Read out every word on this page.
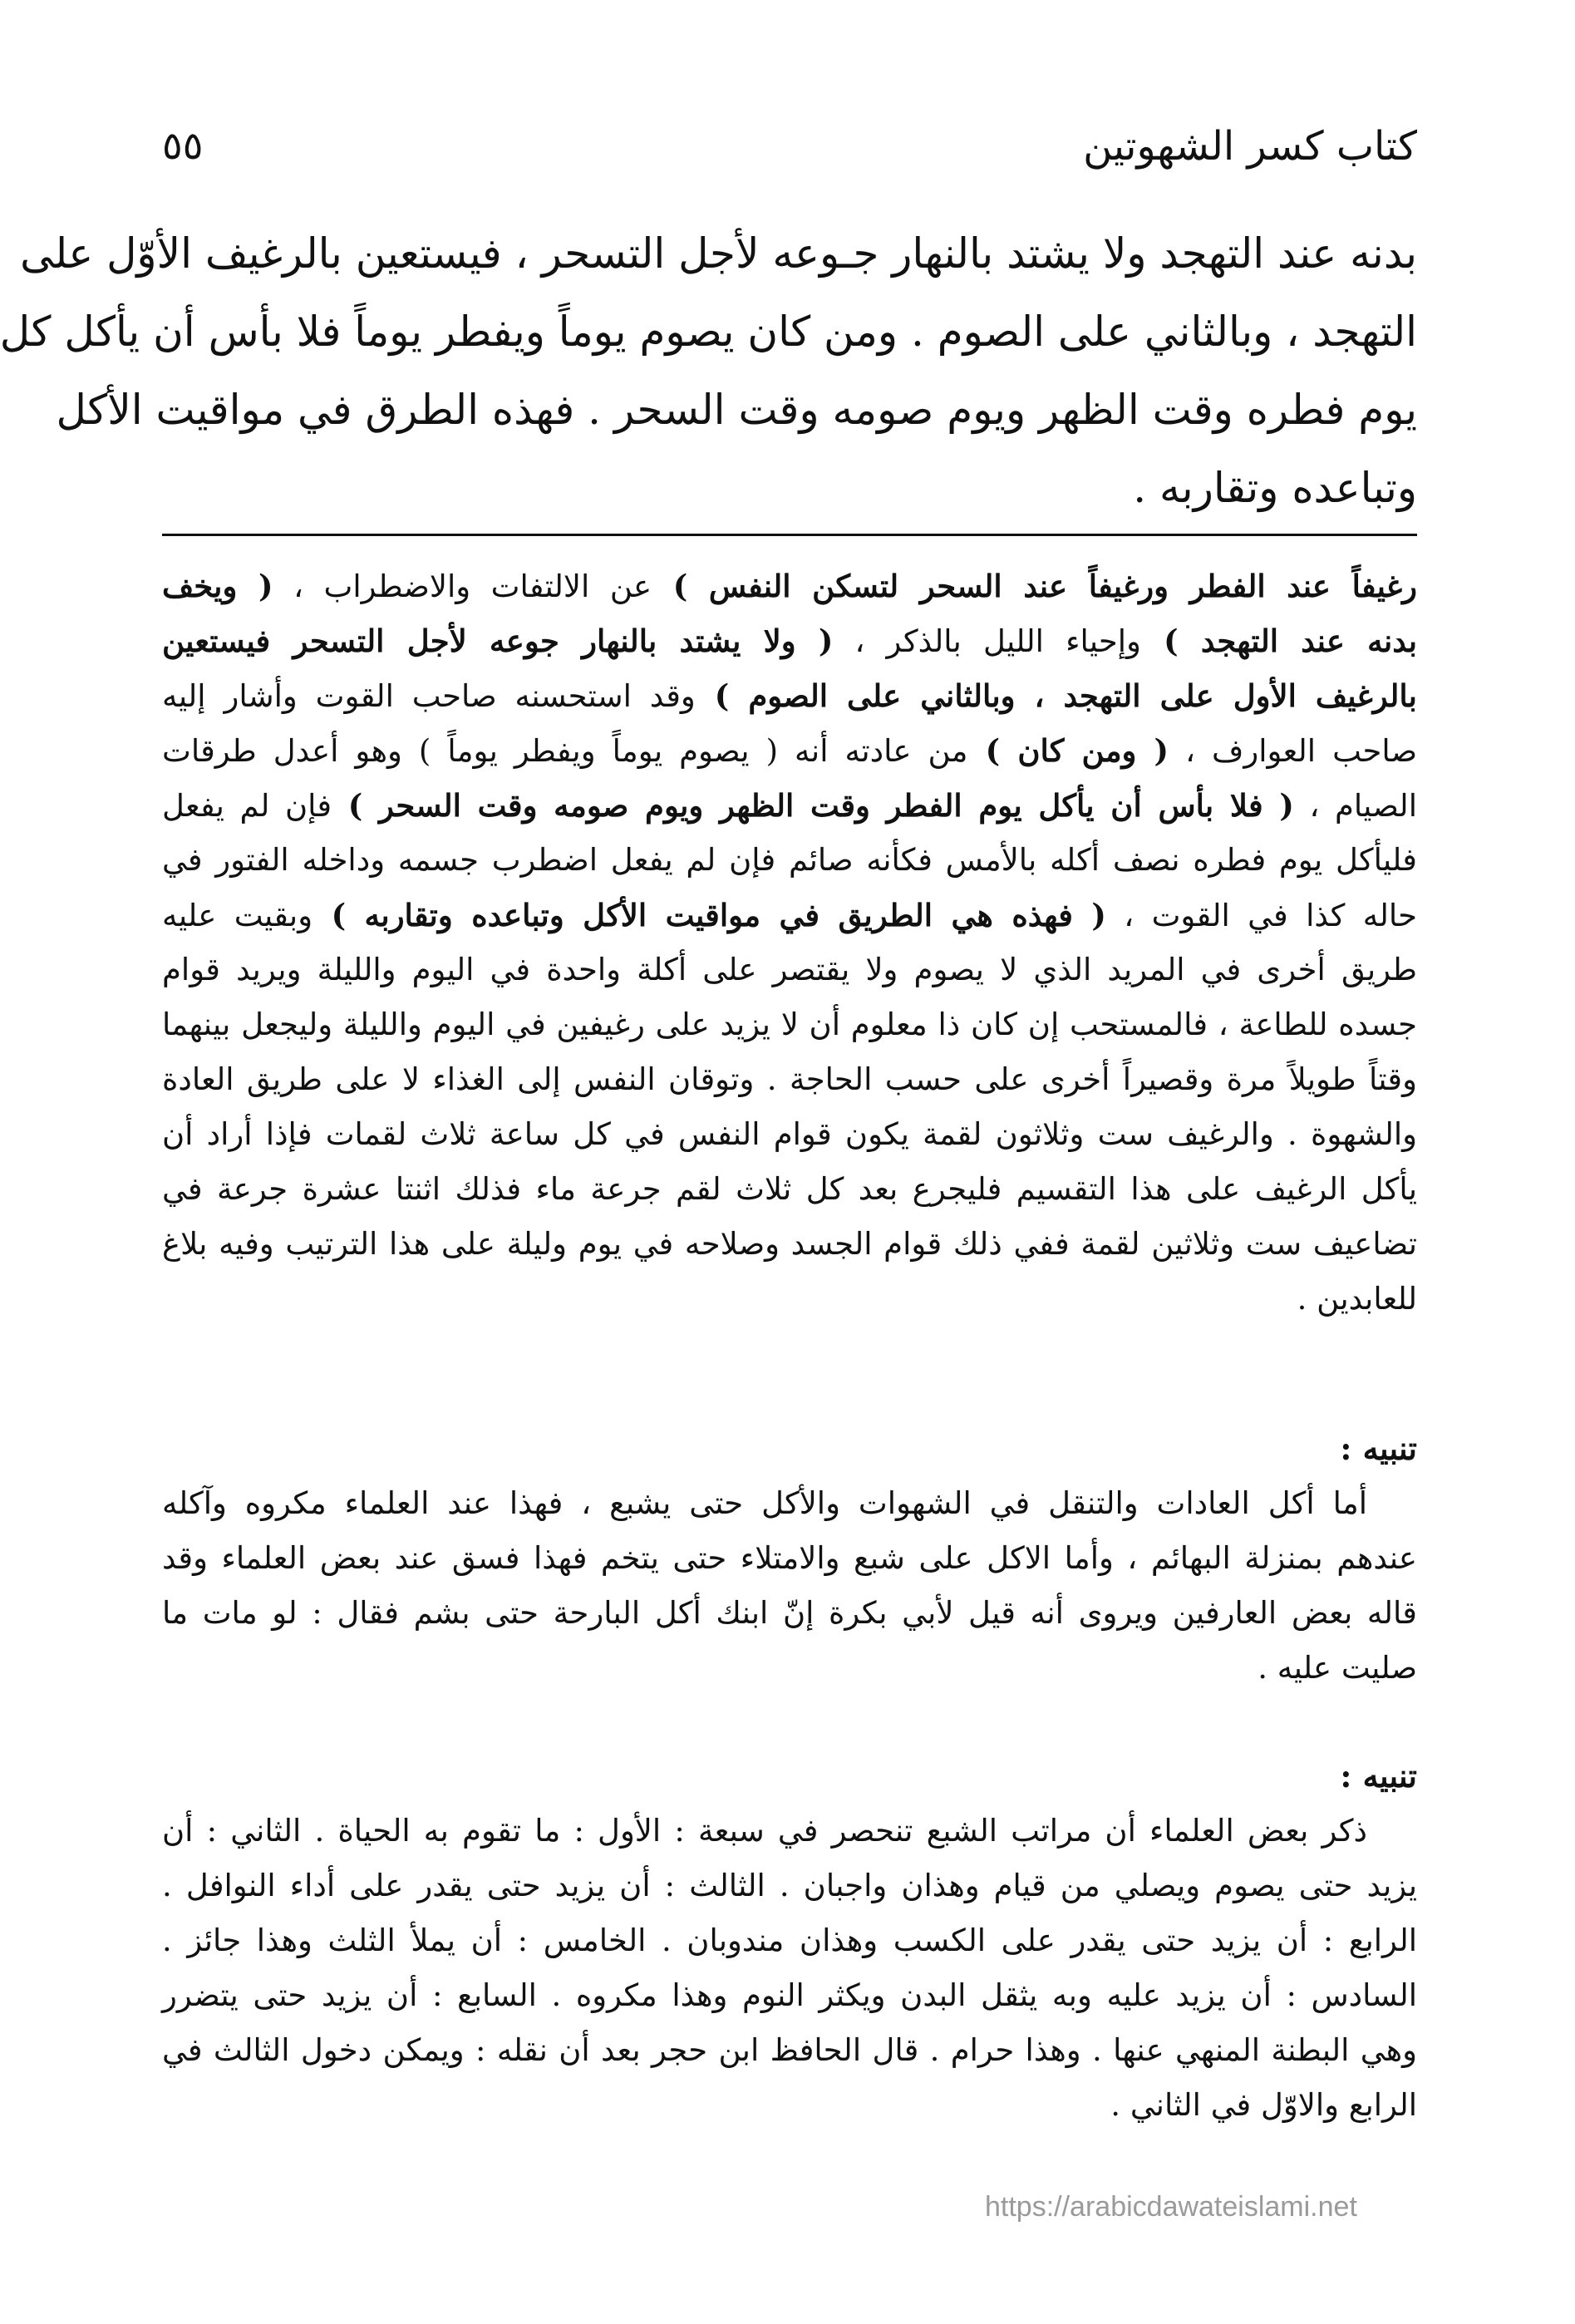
كتاب كسر الشهوتين
٥٥
بدنه عند التهجد ولا يشتد بالنهار جـوعه لأجل التسحر ، فيستعين بالرغيف الأوّل على
التهجد ، وبالثاني على الصوم . ومن كان يصوم يوماً ويفطر يوماً فلا بأس أن يأكل كل
يوم فطره وقت الظهر ويوم صومه وقت السحر . فهذه الطرق في مواقيت الأكل
وتباعده وتقاربه .
رغيفاً عند الفطر ورغيفاً عند السحر لتسكن النفس ) عن الالتفات والاضطراب ، ( ويخف
بدنه عند التهجد ) وإحياء الليل بالذكر ، ( ولا يشتد بالنهار جوعه لأجل التسحر فيستعين
بالرغيف الأول على التهجد ، وبالثاني على الصوم ) وقد استحسنه صاحب القوت وأشار إليه
صاحب العوارف ، ( ومن كان ) من عادته أنه ( يصوم يوماً ويفطر يوماً ) وهو أعدل طرقات
الصيام ، ( فلا بأس أن يأكل يوم الفطر وقت الظهر ويوم صومه وقت السحر ) فإن لم يفعل
فليأكل يوم فطره نصف أكله بالأمس فكأنه صائم فإن لم يفعل اضطرب جسمه وداخله الفتور في
حاله كذا في القوت ، ( فهذه هي الطريق في مواقيت الأكل وتباعده وتقاربه ) وبقيت عليه
طريق أخرى في المريد الذي لا يصوم ولا يقتصر على أكلة واحدة في اليوم والليلة ويريد قوام
جسده للطاعة ، فالمستحب إن كان ذا معلوم أن لا يزيد على رغيفين في اليوم والليلة وليجعل بينهما
وقتاً طويلاً مرة وقصيراً أخرى على حسب الحاجة . وتوقان النفس إلى الغذاء لا على طريق العادة
والشهوة . والرغيف ست وثلاثون لقمة يكون قوام النفس في كل ساعة ثلاث لقمات فإذا أراد أن
يأكل الرغيف على هذا التقسيم فليجرع بعد كل ثلاث لقم جرعة ماء فذلك اثنتا عشرة جرعة في
تضاعيف ست وثلاثين لقمة ففي ذلك قوام الجسد وصلاحه في يوم وليلة على هذا الترتيب وفيه بلاغ
للعابدين .
تنبيه :
أما أكل العادات والتنقل في الشهوات والأكل حتى يشبع ، فهذا عند العلماء مكروه وآكله
عندهم بمنزلة البهائم ، وأما الاكل على شبع والامتلاء حتى يتخم فهذا فسق عند بعض العلماء وقد
قاله بعض العارفين ويروى أنه قيل لأبي بكرة إنّ ابنك أكل البارحة حتى بشم فقال : لو مات ما
صليت عليه .
تنبيه :
ذكر بعض العلماء أن مراتب الشبع تنحصر في سبعة : الأول : ما تقوم به الحياة . الثاني : أن
يزيد حتى يصوم ويصلي من قيام وهذان واجبان . الثالث : أن يزيد حتى يقدر على أداء النوافل .
الرابع : أن يزيد حتى يقدر على الكسب وهذان مندوبان . الخامس : أن يملأ الثلث وهذا جائز .
السادس : أن يزيد عليه وبه يثقل البدن ويكثر النوم وهذا مكروه . السابع : أن يزيد حتى يتضرر
وهي البطنة المنهي عنها . وهذا حرام . قال الحافظ ابن حجر بعد أن نقله : ويمكن دخول الثالث في
الرابع والاوّل في الثاني .
https://arabicdawateislami.net
